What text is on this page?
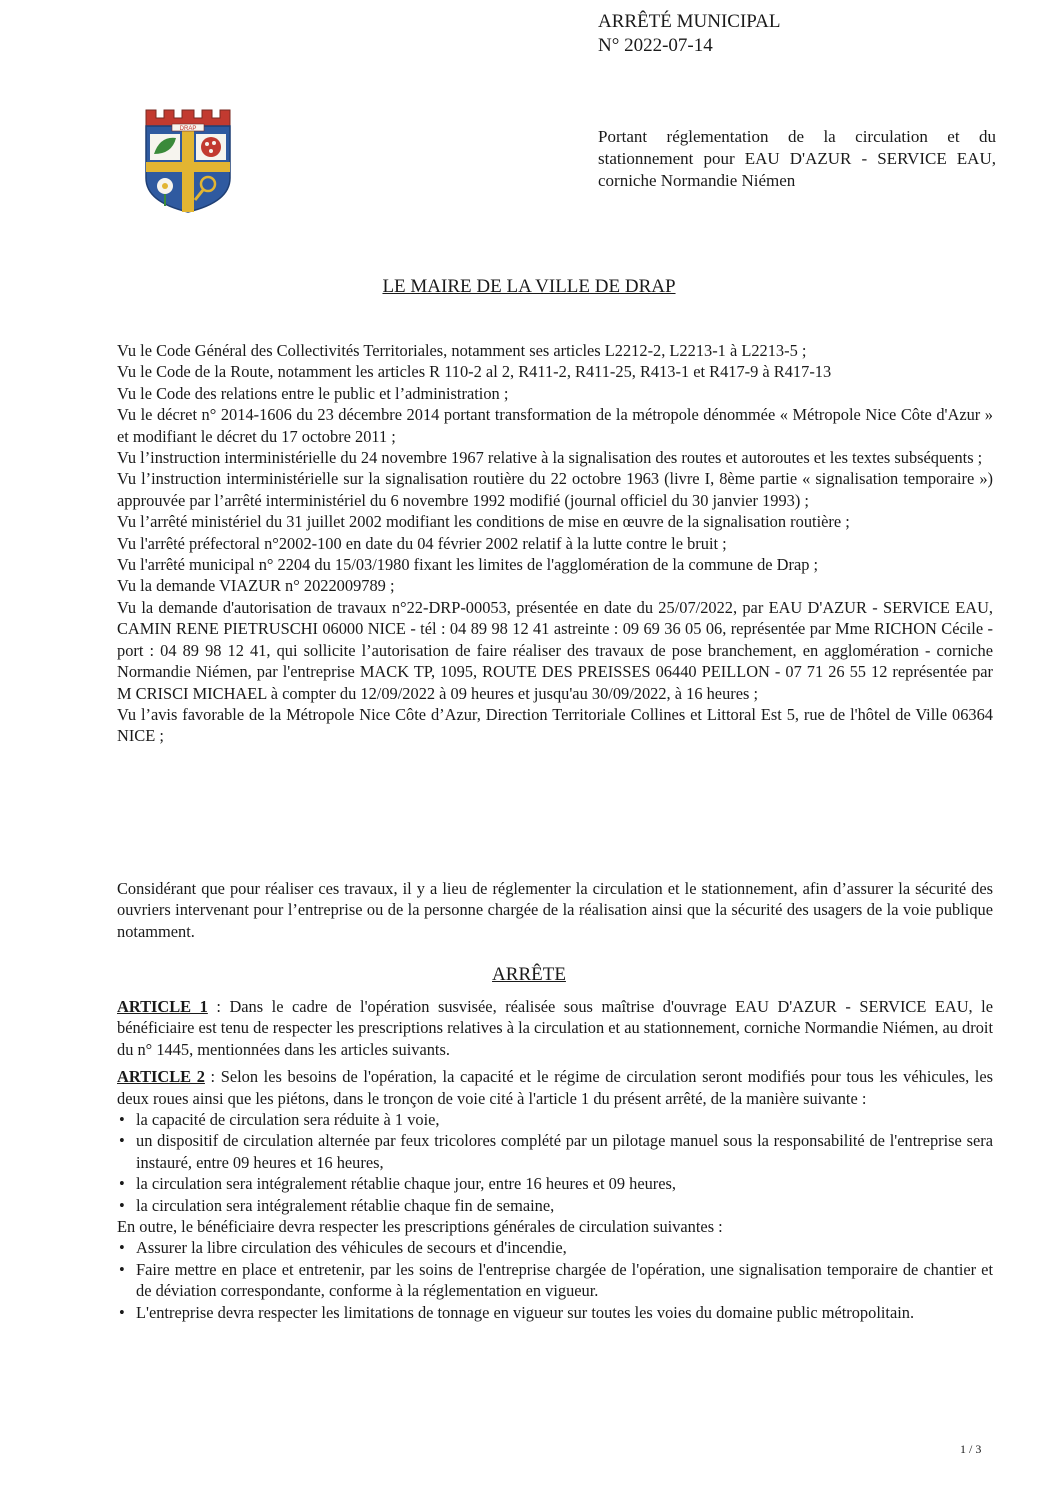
ARRÊTÉ MUNICIPAL
N° 2022-07-14
DRAP	Portant réglementation de la circulation et du stationnement pour EAU D'AZUR - SERVICE EAU, corniche Normandie Niémen
LE MAIRE DE LA VILLE DE DRAP
Vu le Code Général des Collectivités Territoriales, notamment ses articles L2212-2, L2213-1 à L2213-5 ;
Vu le Code de la Route, notamment les articles R 110-2 al 2, R411-2, R411-25, R413-1 et R417-9 à R417-13
Vu le Code des relations entre le public et l’administration ;
Vu le décret n° 2014-1606 du 23 décembre 2014 portant transformation de la métropole dénommée « Métropole Nice Côte d'Azur » et modifiant le décret du 17 octobre 2011 ;
Vu l’instruction interministérielle du 24 novembre 1967 relative à la signalisation des routes et autoroutes et les textes subséquents ;
Vu l’instruction interministérielle sur la signalisation routière du 22 octobre 1963 (livre I, 8ème partie « signalisation temporaire ») approuvée par l’arrêté interministériel du 6 novembre 1992 modifié (journal officiel du 30 janvier 1993) ;
Vu l’arrêté ministériel du 31 juillet 2002 modifiant les conditions de mise en œuvre de la signalisation routière ;
Vu l'arrêté préfectoral n°2002-100 en date du 04 février 2002 relatif à la lutte contre le bruit ;
Vu l'arrêté municipal n° 2204 du 15/03/1980 fixant les limites de l'agglomération de la commune de Drap ;
Vu la demande VIAZUR n° 2022009789 ;
Vu la demande d'autorisation de travaux n°22-DRP-00053, présentée en date du 25/07/2022, par EAU D'AZUR - SERVICE EAU, CAMIN RENE PIETRUSCHI 06000 NICE - tél : 04 89 98 12 41 astreinte : 09 69 36 05 06, représentée par Mme RICHON Cécile - port : 04 89 98 12 41, qui sollicite l’autorisation de faire réaliser des travaux de pose branchement, en agglomération - corniche Normandie Niémen, par l'entreprise MACK TP, 1095, ROUTE DES PREISSES 06440 PEILLON - 07 71 26 55 12 représentée par M CRISCI MICHAEL à compter du 12/09/2022 à 09 heures et jusqu'au 30/09/2022, à 16 heures ;
Vu l’avis favorable de la Métropole Nice Côte d’Azur, Direction Territoriale Collines et Littoral Est 5, rue de l'hôtel de Ville 06364 NICE ;
Considérant que pour réaliser ces travaux, il y a lieu de réglementer la circulation et le stationnement, afin d’assurer la sécurité des ouvriers intervenant pour l’entreprise ou de la personne chargée de la réalisation ainsi que la sécurité des usagers de la voie publique notamment.
ARRÊTE
ARTICLE 1 : Dans le cadre de l'opération susvisée, réalisée sous maîtrise d'ouvrage EAU D'AZUR - SERVICE EAU, le bénéficiaire est tenu de respecter les prescriptions relatives à la circulation et au stationnement, corniche Normandie Niémen, au droit du n° 1445, mentionnées dans les articles suivants.
ARTICLE 2 : Selon les besoins de l'opération, la capacité et le régime de circulation seront modifiés pour tous les véhicules, les deux roues ainsi que les piétons, dans le tronçon de voie cité à l'article 1 du présent arrêté, de la manière suivante :
• la capacité de circulation sera réduite à 1 voie,
• un dispositif de circulation alternée par feux tricolores complété par un pilotage manuel sous la responsabilité de l'entreprise sera instauré, entre 09 heures et 16 heures,
• la circulation sera intégralement rétablie chaque jour, entre 16 heures et 09 heures,
• la circulation sera intégralement rétablie chaque fin de semaine,
En outre, le bénéficiaire devra respecter les prescriptions générales de circulation suivantes :
• Assurer la libre circulation des véhicules de secours et d'incendie,
• Faire mettre en place et entretenir, par les soins de l'entreprise chargée de l'opération, une signalisation temporaire de chantier et de déviation correspondante, conforme à la réglementation en vigueur.
• L'entreprise devra respecter les limitations de tonnage en vigueur sur toutes les voies du domaine public métropolitain.
1 / 3
